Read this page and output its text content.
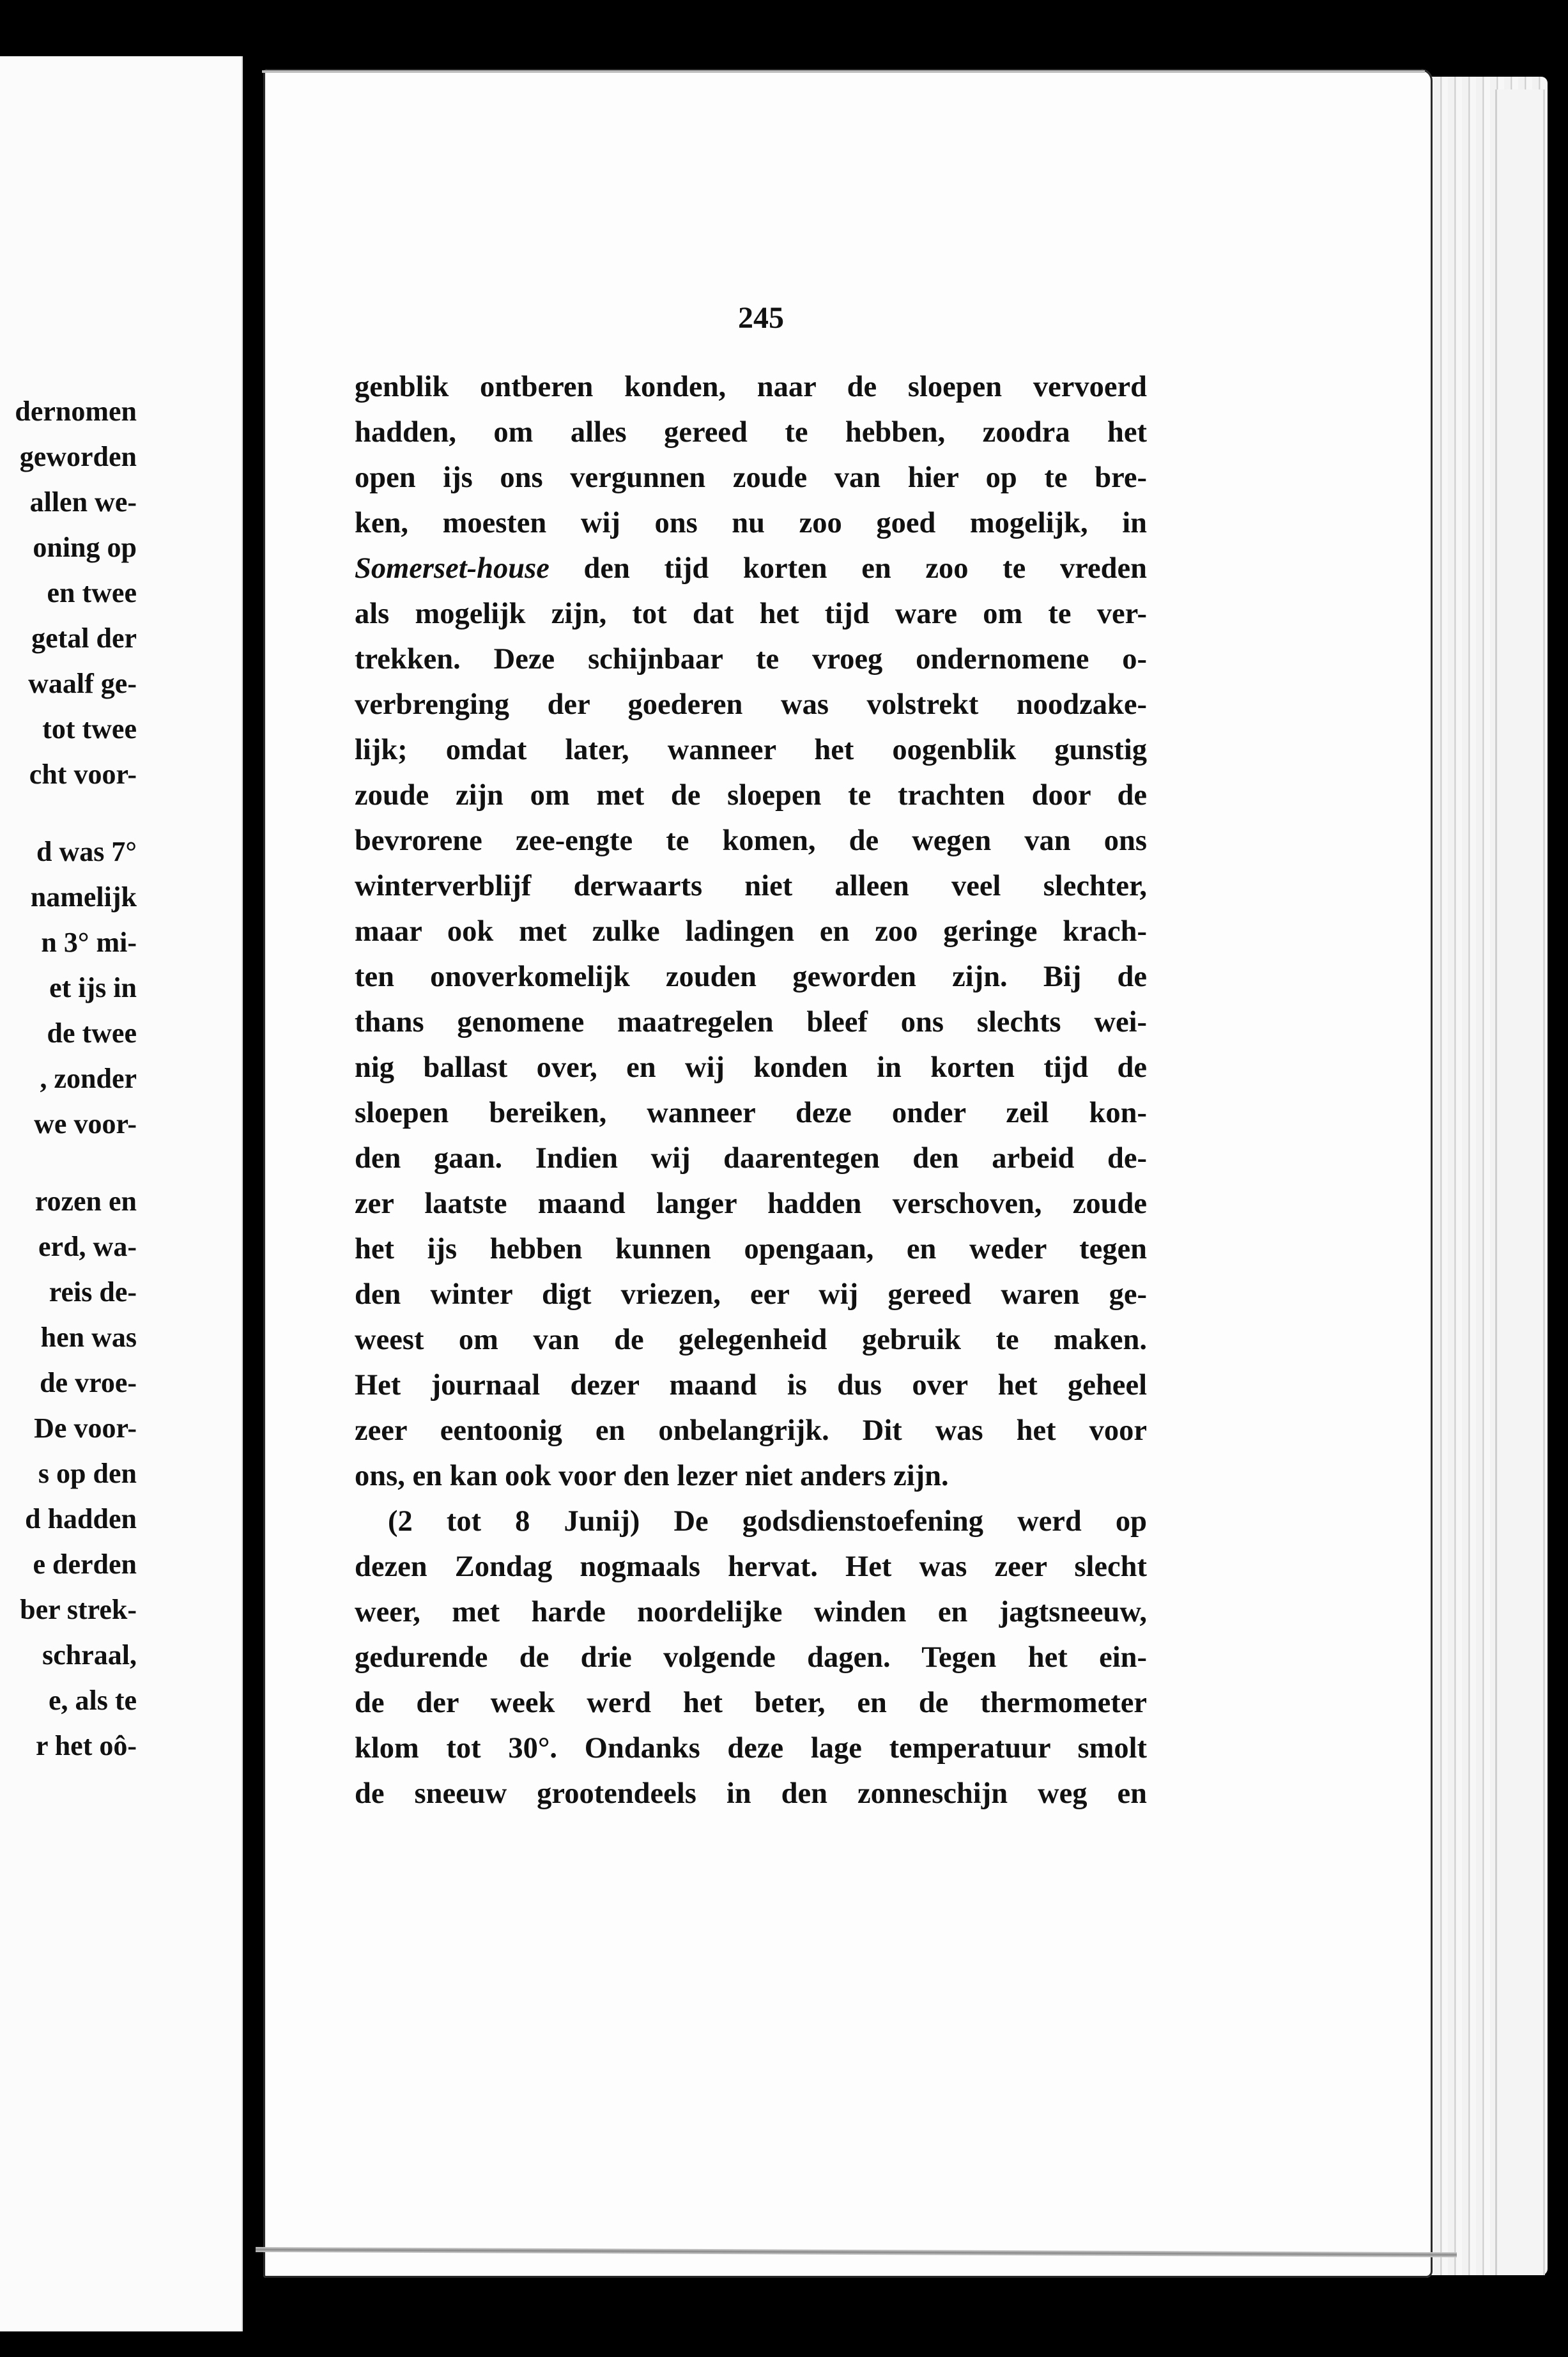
dernomen
geworden
allen we-
oning op
en twee
getal der
waalf ge-
tot twee
cht voor-
d was 7°
namelijk
n 3° mi-
et ijs in
de twee
, zonder
we voor-
rozen en
erd, wa-
reis de-
hen was
de vroe-
De voor-
s op den
d hadden
e derden
ber strek-
schraal,
e, als te
r het oô-
245
genblik ontberen konden, naar de sloepen vervoerd
hadden, om alles gereed te hebben, zoodra het
open ijs ons vergunnen zoude van hier op te bre-
ken, moesten wij ons nu zoo goed mogelijk, in
Somerset-house den tijd korten en zoo te vreden
als mogelijk zijn, tot dat het tijd ware om te ver-
trekken. Deze schijnbaar te vroeg ondernomene o-
verbrenging der goederen was volstrekt noodzake-
lijk; omdat later, wanneer het oogenblik gunstig
zoude zijn om met de sloepen te trachten door de
bevrorene zee-engte te komen, de wegen van ons
winterverblijf derwaarts niet alleen veel slechter,
maar ook met zulke ladingen en zoo geringe krach-
ten onoverkomelijk zouden geworden zijn. Bij de
thans genomene maatregelen bleef ons slechts wei-
nig ballast over, en wij konden in korten tijd de
sloepen bereiken, wanneer deze onder zeil kon-
den gaan. Indien wij daarentegen den arbeid de-
zer laatste maand langer hadden verschoven, zoude
het ijs hebben kunnen opengaan, en weder tegen
den winter digt vriezen, eer wij gereed waren ge-
weest om van de gelegenheid gebruik te maken.
Het journaal dezer maand is dus over het geheel
zeer eentoonig en onbelangrijk. Dit was het voor
ons, en kan ook voor den lezer niet anders zijn.
(2 tot 8 Junij) De godsdienstoefening werd op
dezen Zondag nogmaals hervat. Het was zeer slecht
weer, met harde noordelijke winden en jagtsneeuw,
gedurende de drie volgende dagen. Tegen het ein-
de der week werd het beter, en de thermometer
klom tot 30°. Ondanks deze lage temperatuur smolt
de sneeuw grootendeels in den zonneschijn weg en
